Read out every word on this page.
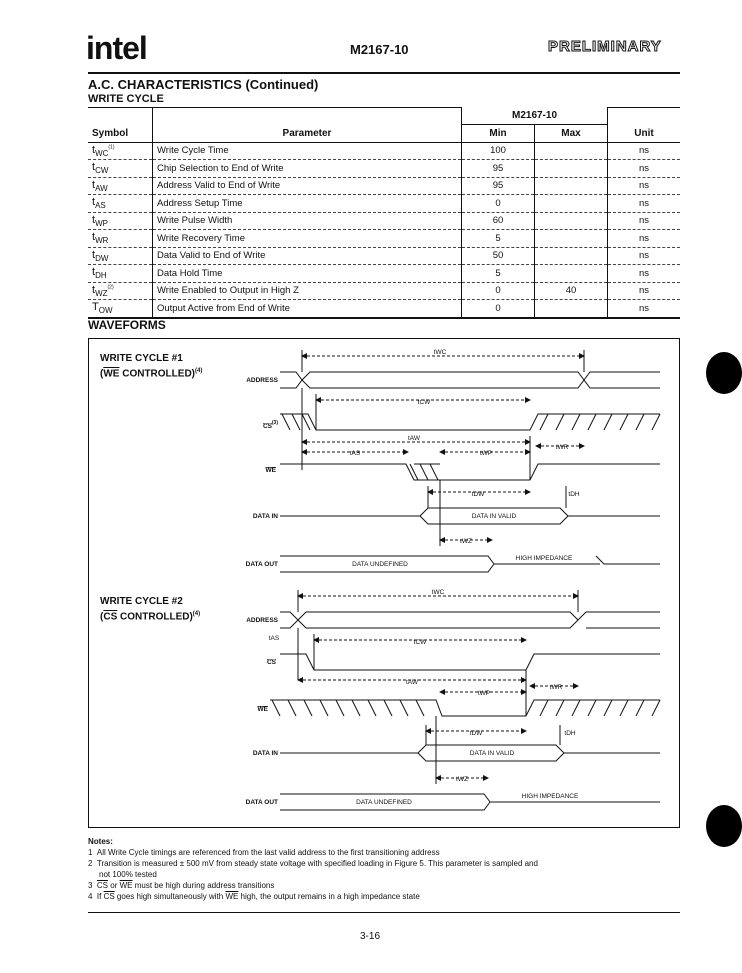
intel	M2167-10	PRELIMINARY
A.C. CHARACTERISTICS (Continued)
WRITE CYCLE
		M2167-10		
Symbol	Parameter	Min	Max	Unit
$t_{WC}^{(1)}$	Write Cycle Time	100		ns
$t_{CW}$	Chip Selection to End of Write	95		ns
$t_{AW}$	Address Valid to End of Write	95		ns
$t_{AS}$	Address Setup Time	0		ns
$t_{WP}$	Write Pulse Width	60		ns
$t_{WR}$	Write Recovery Time	5		ns
$t_{DW}$	Data Valid to End of Write	50		ns
$t_{DH}$	Data Hold Time	5		ns
$t_{WZ}^{(2)}$	Write Enabled to Output in High Z	0	40	ns
$T_{OW}$	Output Active from End of Write	0		ns
WAVEFORMS
WRITE CYCLE #1
($\overline{WE}$ CONTROLLED)$^{(4)}$
WRITE CYCLE #2
($\overline{CS}$ CONTROLLED)$^{(4)}$
tWC
tCW
tAW
tAS	tWP
tWR
tDW	tDH
tWZ
DATA IN VALID
DATA UNDEFINED
HIGH IMPEDANCE
tWC
tAS
tCW
tAW
tWP
tWR
tDW	tDH
tWZ
DATA IN VALID
DATA UNDEFINED
HIGH IMPEDANCE
ADDRESS
CS (3)
WE
DATA IN
DATA OUT
ADDRESS
CS
WE
DATA IN
DATA OUT
Notes:
1 All Write Cycle timings are referenced from the last valid address to the first transitioning address
2 Transition is measured ± 500 mV from steady state voltage with specified loading in Figure 5. This parameter is sampled and
not 100% tested
3 $\overline{CS}$ or $\overline{WE}$ must be high during address transitions
4 If $\overline{CS}$ goes high simultaneously with $\overline{WE}$ high, the output remains in a high impedance state
3-16
